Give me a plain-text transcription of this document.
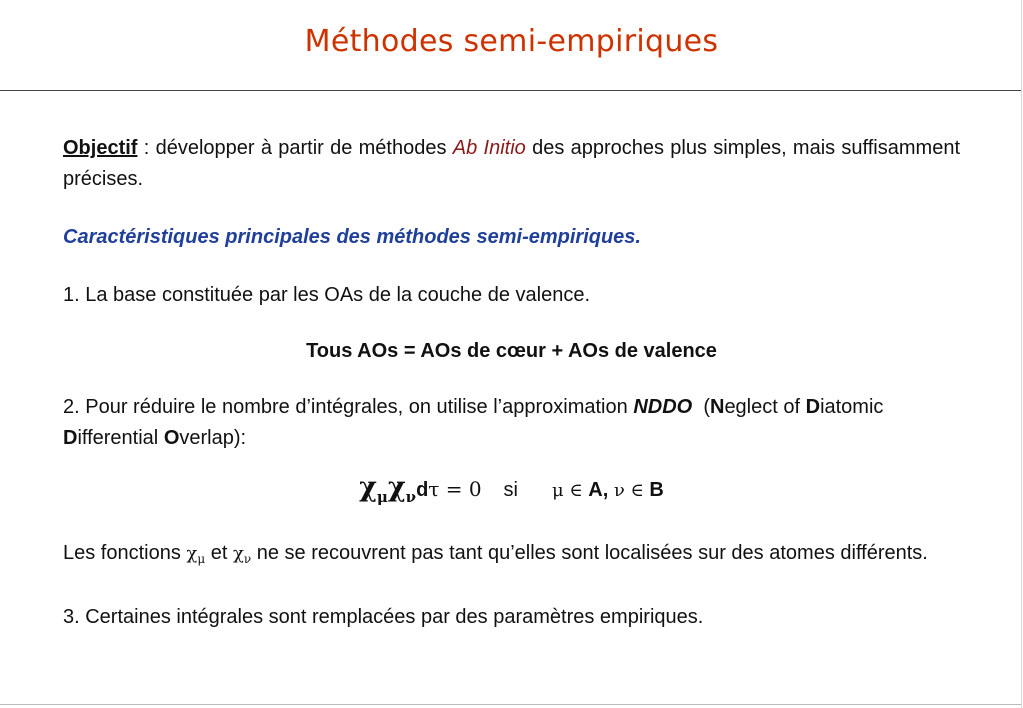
Méthodes semi-empiriques

Objectif : développer à partir de méthodes Ab Initio des approches plus simples, mais suffisamment précises.

Caractéristiques principales des méthodes semi-empiriques.

1. La base constituée par les OAs de la couche de valence.

Tous AOs = AOs de cœur + AOs de valence

2. Pour réduire le nombre d’intégrales, on utilise l’approximation NDDO  (Neglect of Diatomic Differential Overlap):

$\chi_\mu\chi_\nu d\tau = 0$ si μ ∈ A, ν ∈ B

Les fonctions $\chi_\mu$ et $\chi_\nu$ ne se recouvrent pas tant qu’elles sont localisées sur des atomes différents.

3. Certaines intégrales sont remplacées par des paramètres empiriques.
